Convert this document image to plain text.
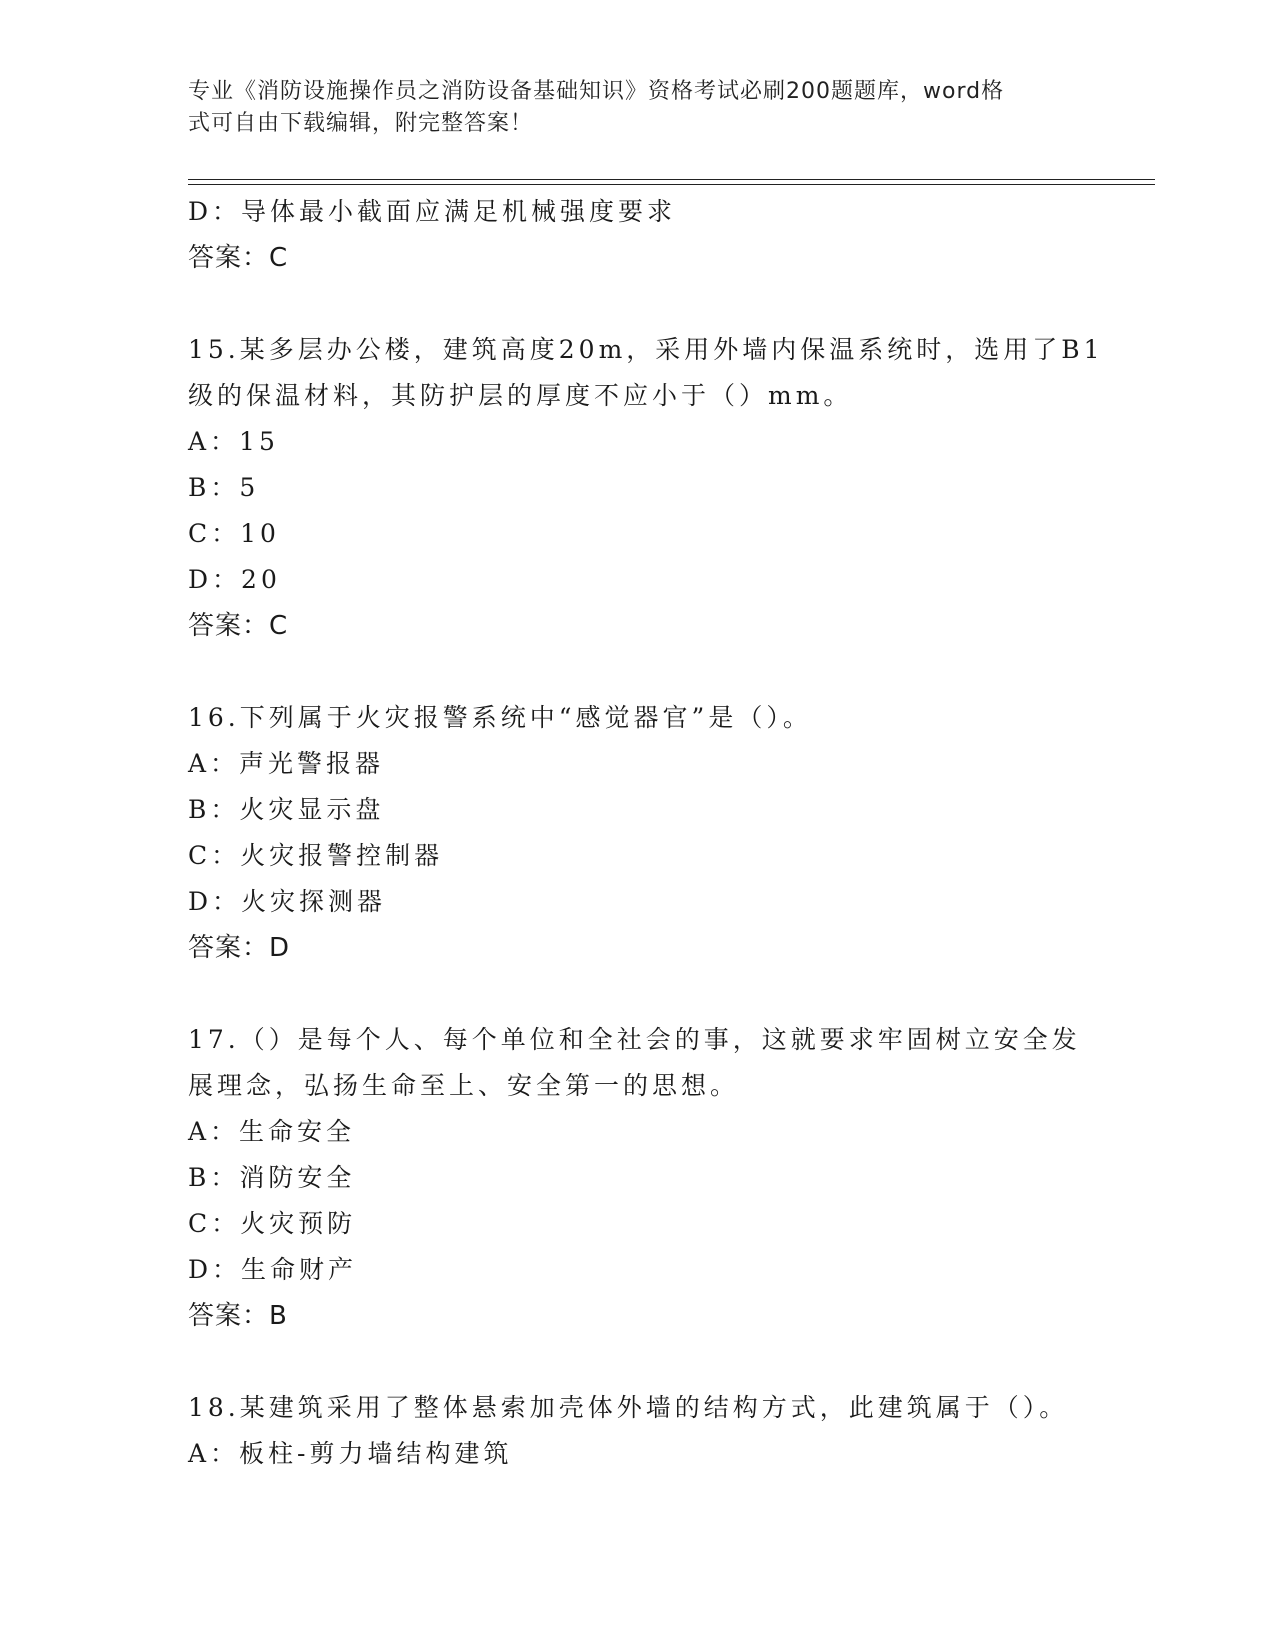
专业《消防设施操作员之消防设备基础知识》资格考试必刷200题题库，word格
式可自由下载编辑，附完整答案！
D：导体最小截面应满足机械强度要求
答案：C
15.某多层办公楼，建筑高度20m，采用外墙内保温系统时，选用了B1
级的保温材料，其防护层的厚度不应小于（）mm。
A：15
B：5
C：10
D：20
答案：C
16.下列属于火灾报警系统中“感觉器官”是（）。
A：声光警报器
B：火灾显示盘
C：火灾报警控制器
D：火灾探测器
答案：D
17.（）是每个人、每个单位和全社会的事，这就要求牢固树立安全发
展理念，弘扬生命至上、安全第一的思想。
A：生命安全
B：消防安全
C：火灾预防
D：生命财产
答案：B
18.某建筑采用了整体悬索加壳体外墙的结构方式，此建筑属于（）。
A：板柱-剪力墙结构建筑
